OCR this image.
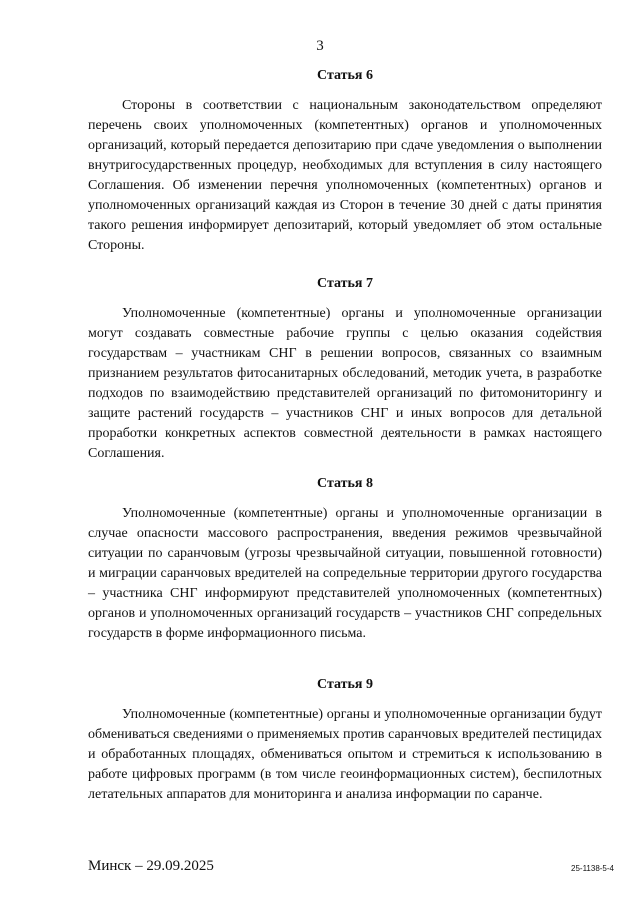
3
Статья 6

Стороны в соответствии с национальным законодательством определяют перечень своих уполномоченных (компетентных) органов и уполномоченных организаций, который передается депозитарию при сдаче уведомления о выполнении внутригосударственных процедур, необходимых для вступления в силу настоящего Соглашения. Об изменении перечня уполномоченных (компетентных) органов и уполномоченных организаций каждая из Сторон в течение 30 дней с даты принятия такого решения информирует депозитарий, который уведомляет об этом остальные Стороны.

Статья 7

Уполномоченные (компетентные) органы и уполномоченные организации могут создавать совместные рабочие группы с целью оказания содействия государствам – участникам СНГ в решении вопросов, связанных со взаимным признанием результатов фитосанитарных обследований, методик учета, в разработке подходов по взаимодействию представителей организаций по фитомониторингу и защите растений государств – участников СНГ и иных вопросов для детальной проработки конкретных аспектов совместной деятельности в рамках настоящего Соглашения.

Статья 8

Уполномоченные (компетентные) органы и уполномоченные организации в случае опасности массового распространения, введения режимов чрезвычайной ситуации по саранчовым (угрозы чрезвычайной ситуации, повышенной готовности) и миграции саранчовых вредителей на сопредельные территории другого государства – участника СНГ информируют представителей уполномоченных (компетентных) органов и уполномоченных организаций государств – участников СНГ сопредельных государств в форме информационного письма.

Статья 9

Уполномоченные (компетентные) органы и уполномоченные организации будут обмениваться сведениями о применяемых против саранчовых вредителей пестицидах и обработанных площадях, обмениваться опытом и стремиться к использованию в работе цифровых программ (в том числе геоинформационных систем), беспилотных летательных аппаратов для мониторинга и анализа информации по саранче.

Минск – 29.09.2025	25-1138-5-4
